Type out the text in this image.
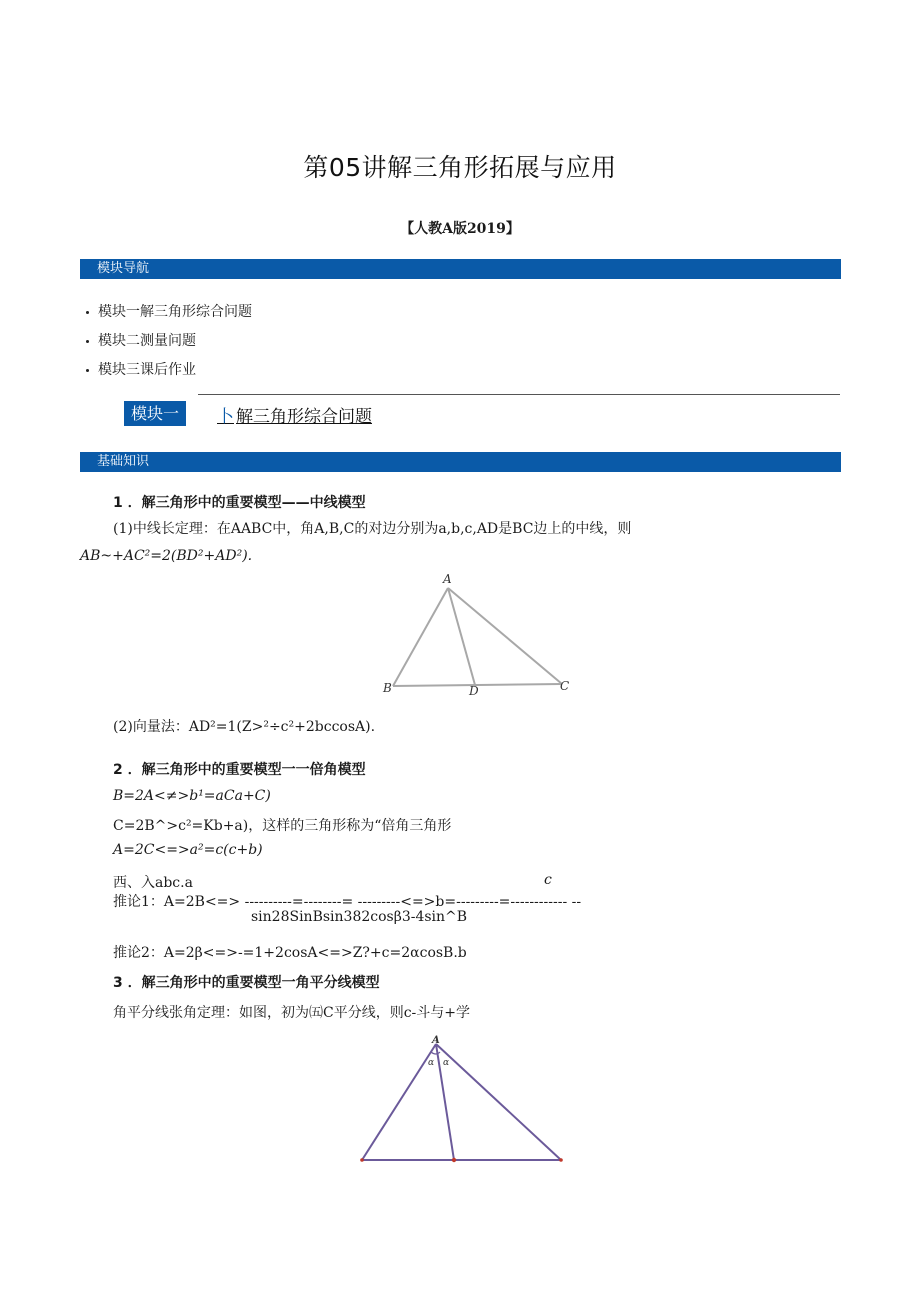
第05讲解三角形拓展与应用
【人教A版2019】
模块导航
模块一解三角形综合问题
模块二测量问题
模块三课后作业
模块一	卜 解三角形综合问题
基础知识
1 ．解三角形中的重要模型——中线模型
(1)中线长定理：在AABC中，角A,B,C的对边分别为a,b,c,AD是BC边上的中线，则
AB~+AC²=2(BD²+AD²).
A
B	D	C
(2)向量法：AD²=1(Z>²÷c²+2bccosA).
2 ．解三角形中的重要模型一一倍角模型
B=2A<≠>b¹=aCa+C)
C=2B^>c²=Kb+a)，这样的三角形称为“倍角三角形
A=2C<=>a²=c(c+b)
西、入abc.a	c
推论1：A=2B<=> ----------=--------= ---------<=>b=---------=------------ --
sin28SinBsin382cosβ3-4sin^B
推论2：A=2β<=>-=1+2cosA<=>Z?+c=2αcosB.b
3 ．解三角形中的重要模型一角平分线模型
角平分线张角定理：如图，初为㈤C平分线，则c-斗与+学
A
α α
